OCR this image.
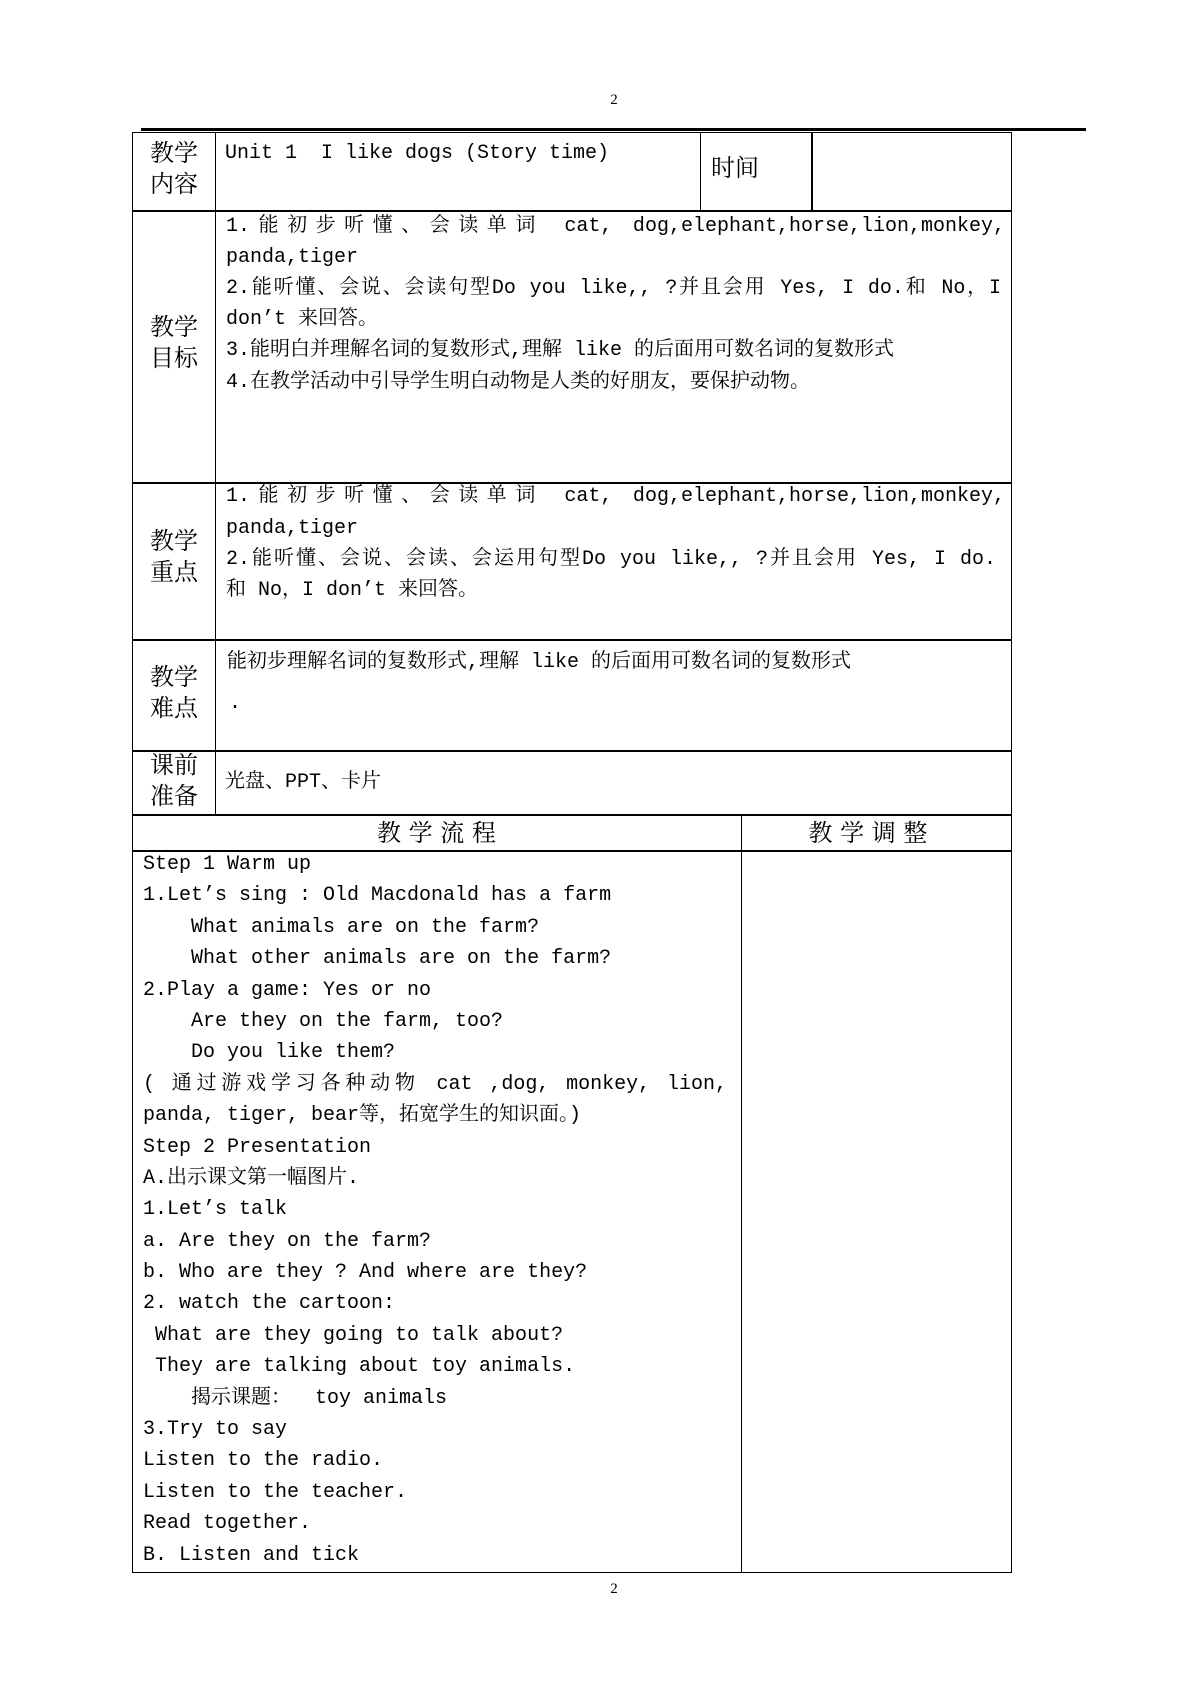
2
教学
内容
Unit 1  I like dogs (Story time)
时间
教学
目标
1.能初步听懂、会读单词 cat, dog,elephant,horse,lion,monkey,
panda,tiger
2.能听懂、会说、会读句型Do you like,, ?并且会用 Yes, I do.和 No，I
don’t 来回答。
3.能明白并理解名词的复数形式,理解 like 的后面用可数名词的复数形式
4.在教学活动中引导学生明白动物是人类的好朋友，要保护动物。
教学
重点
1.能初步听懂、会读单词 cat, dog,elephant,horse,lion,monkey,
panda,tiger
2.能听懂、会说、会读、会运用句型Do you like,, ?并且会用 Yes, I do.
和 No，I don’t 来回答。
教学
难点
能初步理解名词的复数形式,理解 like 的后面用可数名词的复数形式
.
课前
准备	光盘、PPT、卡片
教 学 流 程	教 学 调 整
Step 1 Warm up
1.Let’s sing : Old Macdonald has a farm
What animals are on the farm?
What other animals are on the farm?
2.Play a game: Yes or no
Are they on the farm, too?
Do you like them?
( 通过游戏学习各种动物 cat ,dog, monkey, lion,
panda, tiger, bear等，拓宽学生的知识面。)
Step 2 Presentation
A.出示课文第一幅图片.
1.Let’s talk
a. Are they on the farm?
b. Who are they ? And where are they?
2. watch the cartoon:
What are they going to talk about?
They are talking about toy animals.
揭示课题：  toy animals
3.Try to say
Listen to the radio.
Listen to the teacher.
Read together.
B. Listen and tick
2
